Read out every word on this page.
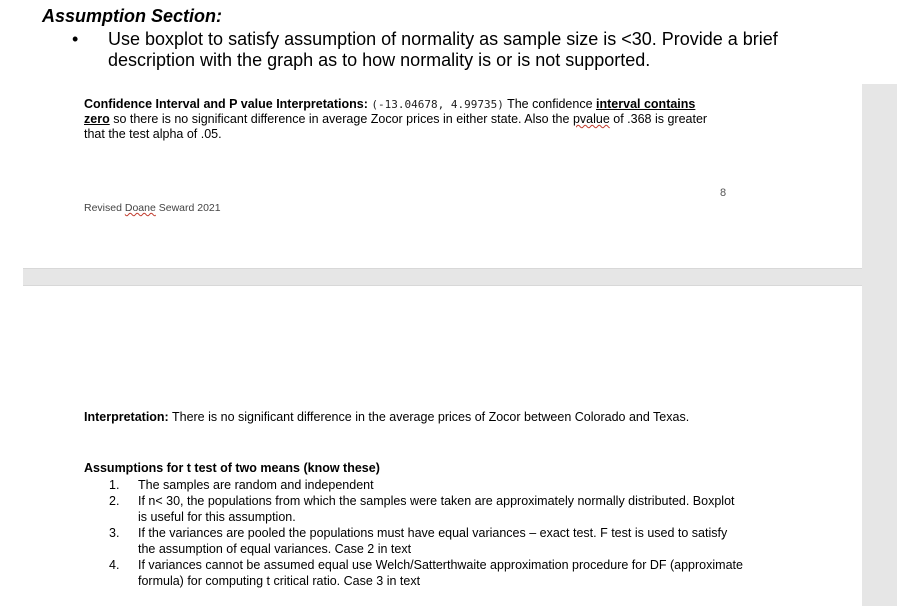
Assumption Section:
• Use boxplot to satisfy assumption of normality as sample size is <30. Provide a brief description with the graph as to how normality is or is not supported.
Confidence Interval and P value Interpretations: (-13.04678, 4.99735) The confidence interval contains zero so there is no significant difference in average Zocor prices in either state. Also the pvalue of .368 is greater that the test alpha of .05.
8
Revised Doane Seward 2021
Interpretation: There is no significant difference in the average prices of Zocor between Colorado and Texas.
Assumptions for t test of two means (know these)
1. The samples are random and independent
2. If n< 30, the populations from which the samples were taken are approximately normally distributed. Boxplot is useful for this assumption.
3. If the variances are pooled the populations must have equal variances – exact test. F test is used to satisfy the assumption of equal variances. Case 2 in text
4. If variances cannot be assumed equal use Welch/Satterthwaite approximation procedure for DF (approximate formula) for computing t critical ratio. Case 3 in text
